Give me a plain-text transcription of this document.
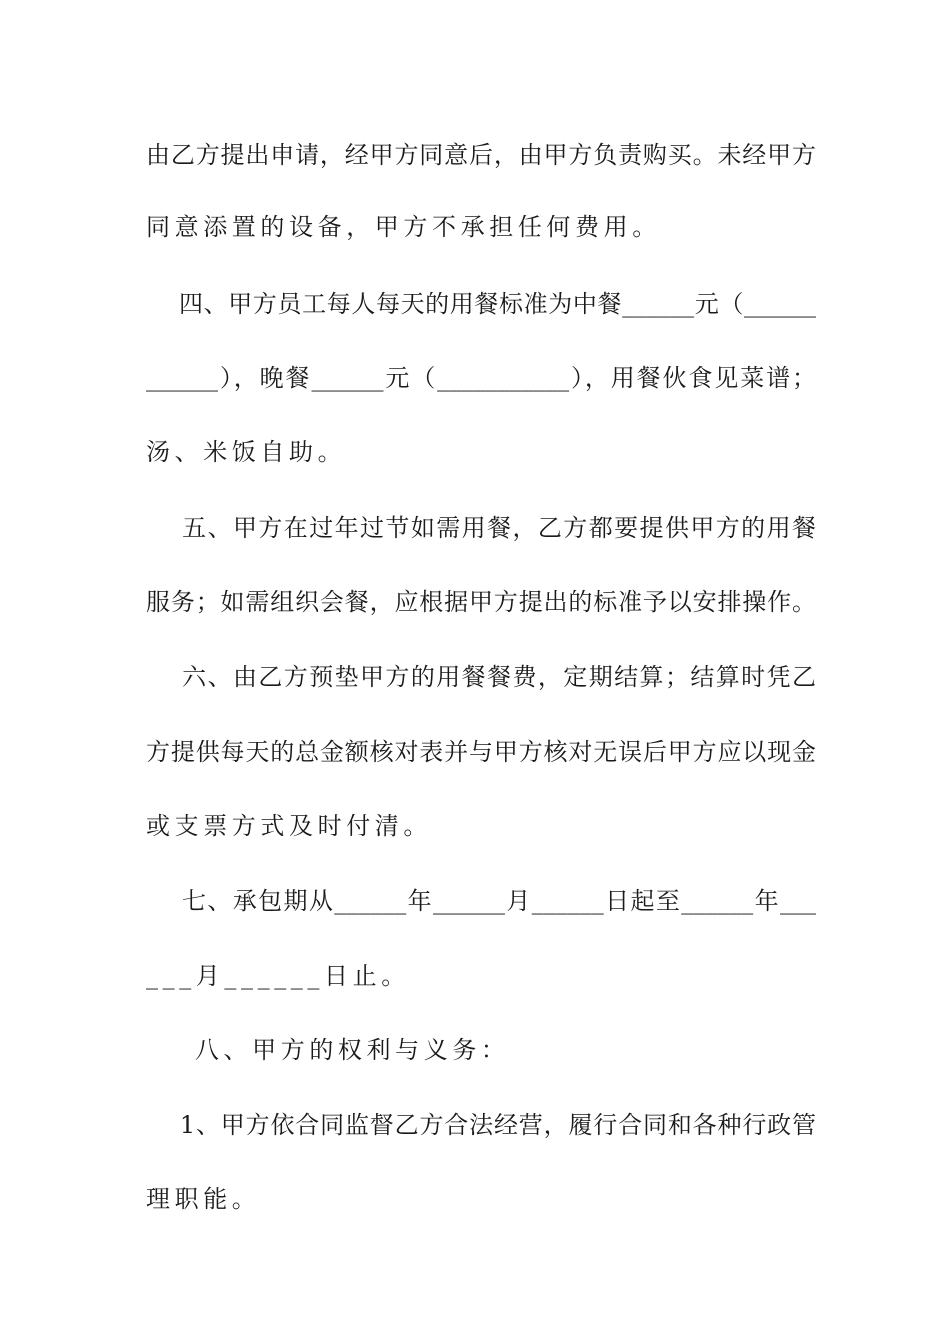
由乙方提出申请，经甲方同意后，由甲方负责购买。未经甲方
同意添置的设备，甲方不承担任何费用。
四、甲方员工每人每天的用餐标准为中餐______元（______
______），晚餐______元（___________），用餐伙食见菜谱；
汤、米饭自助。
五、甲方在过年过节如需用餐，乙方都要提供甲方的用餐
服务；如需组织会餐，应根据甲方提出的标准予以安排操作。
六、由乙方预垫甲方的用餐餐费，定期结算；结算时凭乙
方提供每天的总金额核对表并与甲方核对无误后甲方应以现金
或支票方式及时付清。
七、承包期从______年______月______日起至______年___
___月______日止。
八、甲方的权利与义务：
1、甲方依合同监督乙方合法经营，履行合同和各种行政管
理职能。
